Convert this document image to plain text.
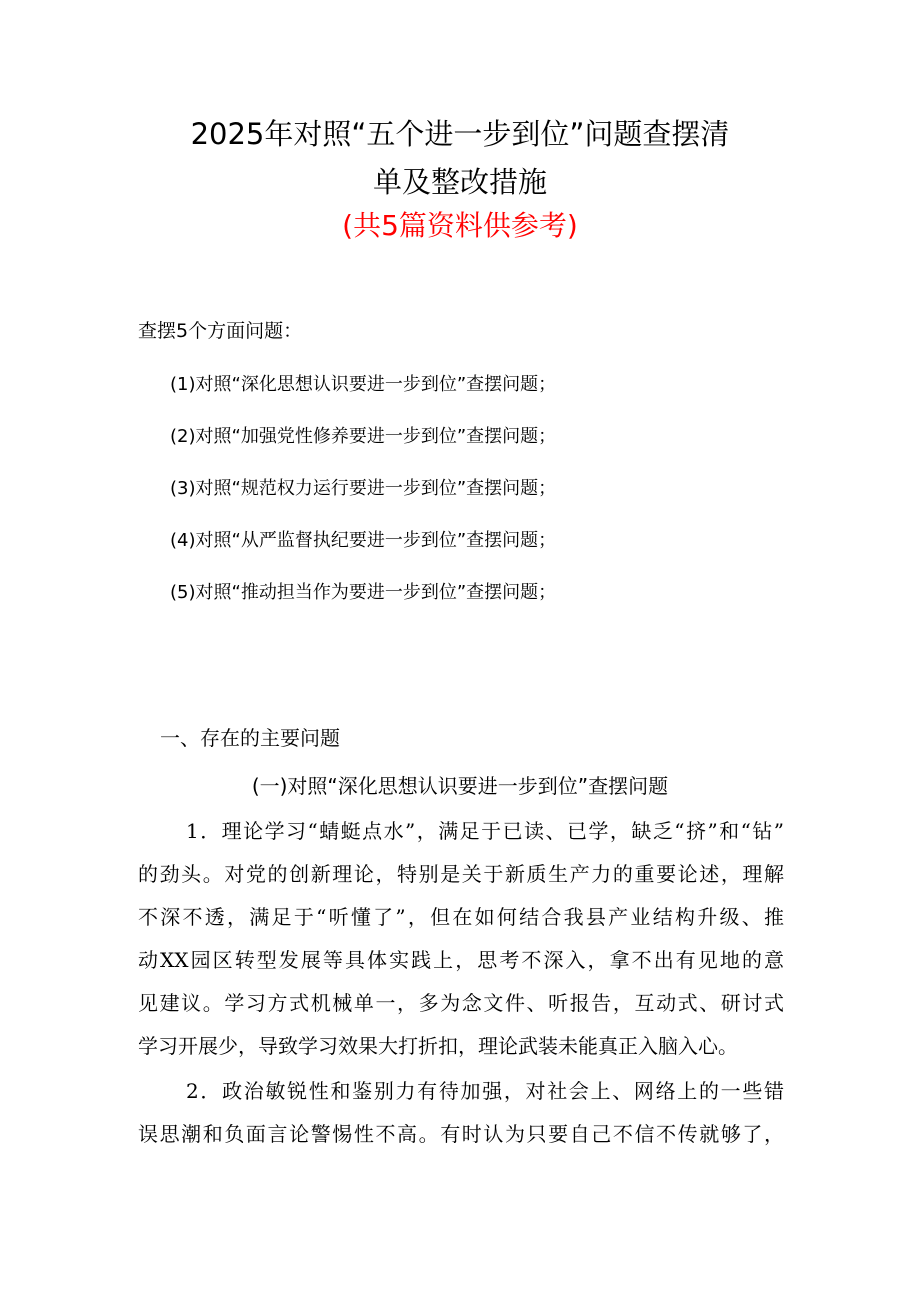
2025年对照“五个进一步到位”问题查摆清
单及整改措施
(共5篇资料供参考)
查摆5个方面问题：
(1)对照“深化思想认识要进一步到位”查摆问题；
(2)对照“加强党性修养要进一步到位”查摆问题；
(3)对照“规范权力运行要进一步到位”查摆问题；
(4)对照“从严监督执纪要进一步到位”查摆问题；
(5)对照“推动担当作为要进一步到位”查摆问题；
一、存在的主要问题
(一)对照“深化思想认识要进一步到位”查摆问题
1．理论学习“蜻蜓点水”，满足于已读、已学，缺乏“挤”和“钻”
的劲头。对党的创新理论，特别是关于新质生产力的重要论述，理解
不深不透，满足于“听懂了”，但在如何结合我县产业结构升级、推
动XX园区转型发展等具体实践上，思考不深入，拿不出有见地的意
见建议。学习方式机械单一，多为念文件、听报告，互动式、研讨式
学习开展少，导致学习效果大打折扣，理论武装未能真正入脑入心。
2．政治敏锐性和鉴别力有待加强，对社会上、网络上的一些错
误思潮和负面言论警惕性不高。有时认为只要自己不信不传就够了，
